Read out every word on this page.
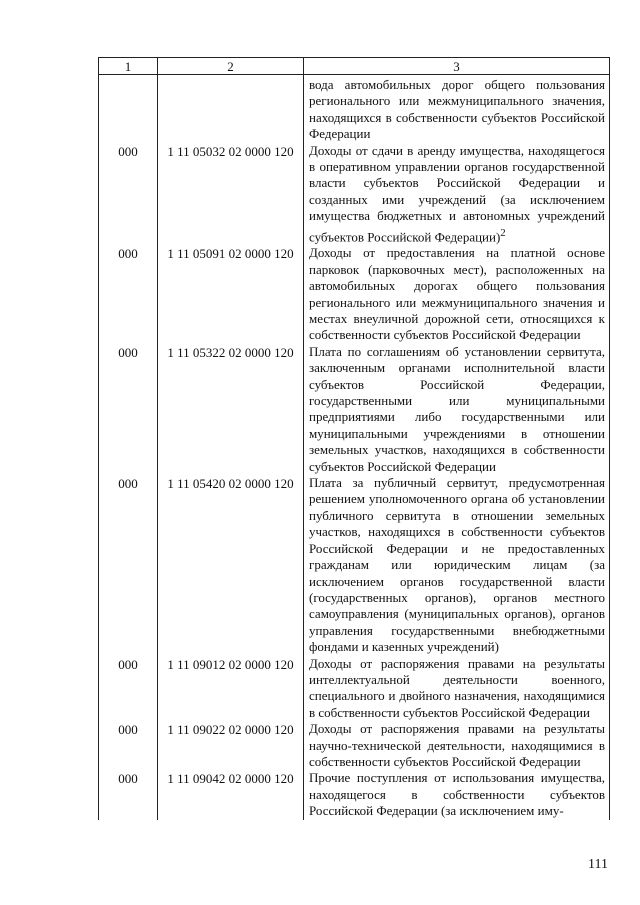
1	2	3
		вода автомобильных дорог общего пользования регионального или межмуниципального значения, находящихся в собственности субъектов Российской Федерации
000	1 11 05032 02 0000 120	Доходы от сдачи в аренду имущества, находящегося в оперативном управлении органов государственной власти субъектов Российской Федерации и созданных ими учреждений (за исключением имущества бюджетных и автономных учреждений субъектов Российской Федерации)$^2$
000	1 11 05091 02 0000 120	Доходы от предоставления на платной основе парковок (парковочных мест), расположенных на автомобильных дорогах общего пользования регионального или межмуниципального значения и местах внеуличной дорожной сети, относящихся к собственности субъектов Российской Федерации
000	1 11 05322 02 0000 120	Плата по соглашениям об установлении сервитута, заключенным органами исполнительной власти субъектов Российской Федерации, государственными или муниципальными предприятиями либо государственными или муниципальными учреждениями в отношении земельных участков, находящихся в собственности субъектов Российской Федерации
000	1 11 05420 02 0000 120	Плата за публичный сервитут, предусмотренная решением уполномоченного органа об установлении публичного сервитута в отношении земельных участков, находящихся в собственности субъектов Российской Федерации и не предоставленных гражданам или юридическим лицам (за исключением органов государственной власти (государственных органов), органов местного самоуправления (муниципальных органов), органов управления государственными внебюджетными фондами и казенных учреждений)
000	1 11 09012 02 0000 120	Доходы от распоряжения правами на результаты интеллектуальной деятельности военного, специального и двойного назначения, находящимися в собственности субъектов Российской Федерации
000	1 11 09022 02 0000 120	Доходы от распоряжения правами на результаты научно-технической деятельности, находящимися в собственности субъектов Российской Федерации
000	1 11 09042 02 0000 120	Прочие поступления от использования имущества, находящегося в собственности субъектов Российской Федерации (за исключением иму-
111
